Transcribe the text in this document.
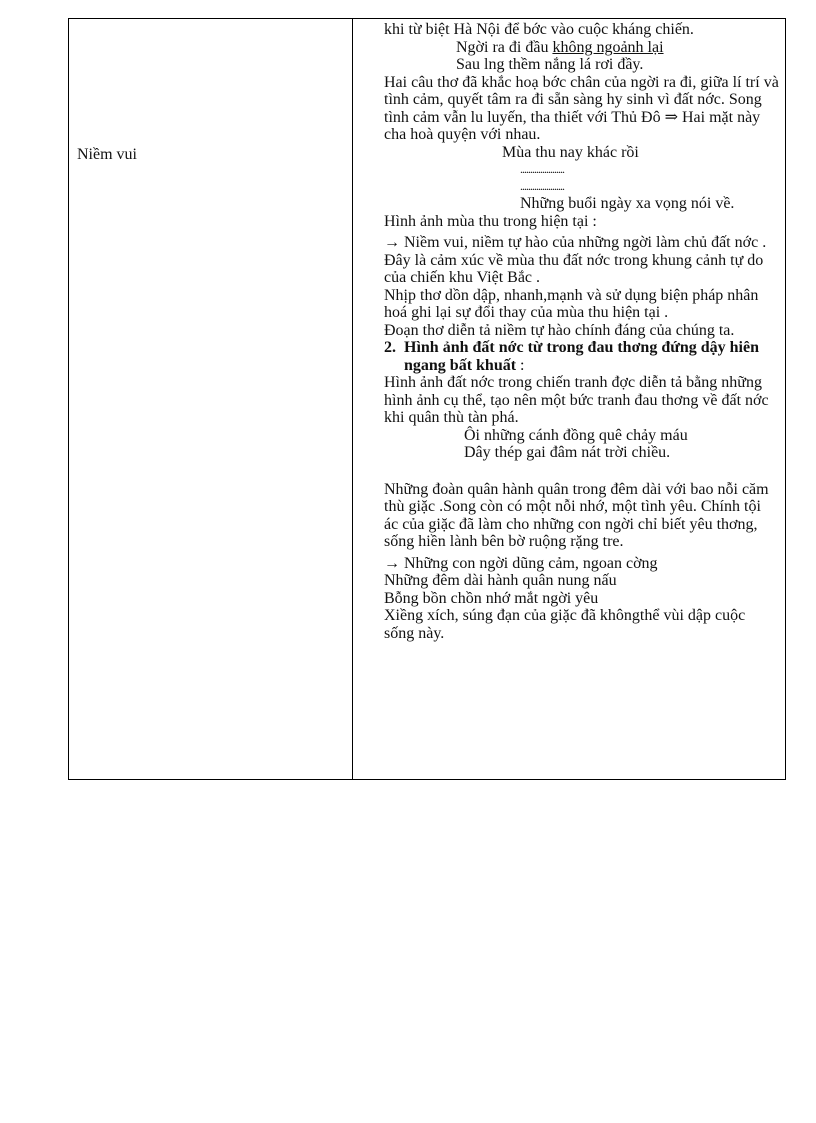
Niềm vui

khi từ biệt Hà Nội để bớc vào cuộc kháng chiến.

Ngời ra đi đầu không ngoảnh lại

Sau lng thềm nắng lá rơi đầy.

Hai câu thơ đã khắc hoạ bớc chân của ngời ra đi, giữa lí trí và tình cảm, quyết tâm ra đi sẵn sàng hy sinh vì đất nớc. Song tình cảm vẫn lu luyến, tha thiết với Thủ Đô ⇒ Hai mặt này cha hoà quyện với nhau.

Mùa thu nay khác rồi

......................

......................

Những buổi ngày xa vọng nói về.

Hình ảnh mùa thu trong hiện tại :

→ Niềm vui, niềm tự hào của những ngời làm chủ đất nớc . Đây là cảm xúc về mùa thu đất nớc trong khung cảnh tự do của chiến khu Việt Bắc .

Nhịp thơ dồn dập, nhanh,mạnh và sử dụng biện pháp nhân hoá ghi lại sự đổi thay của mùa thu hiện tại .

Đoạn thơ diễn tả niềm tự hào chính đáng của chúng ta.

2. Hình ảnh đất nớc từ trong đau thơng đứng dậy hiên ngang bất khuất :

Hình ảnh đất nớc trong chiến tranh đợc diễn tả bằng những hình ảnh cụ thể, tạo nên một bức tranh đau thơng về đất nớc khi quân thù tàn phá.

Ôi những cánh đồng quê chảy máu

Dây thép gai đâm nát trời chiều.

Những đoàn quân hành quân trong đêm dài với bao nỗi căm thù giặc .Song còn có một nỗi nhớ, một tình yêu. Chính tội ác của giặc đã làm cho những con ngời chỉ biết yêu thơng, sống hiền lành bên bờ ruộng rặng tre.

→ Những con ngời dũng cảm, ngoan cờng

Những đêm dài hành quân nung nấu

Bỗng bồn chồn nhớ mắt ngời yêu

Xiềng xích, súng đạn của giặc đã khôngthể vùi dập cuộc sống này.
